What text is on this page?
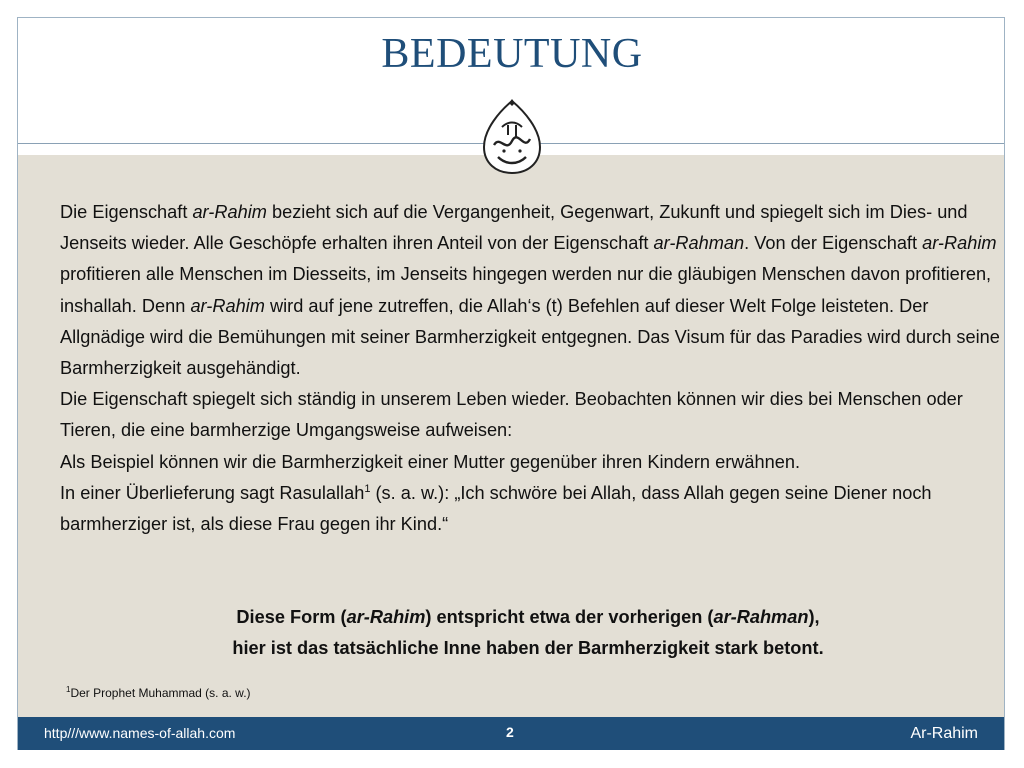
BEDEUTUNG

Die Eigenschaft ar-Rahim bezieht sich auf die Vergangenheit, Gegenwart, Zukunft und spiegelt sich im Dies- und Jenseits wieder. Alle Geschöpfe erhalten ihren Anteil von der Eigenschaft ar-Rahman. Von der Eigenschaft ar-Rahim profitieren alle Menschen im Diesseits, im Jenseits hingegen werden nur die gläubigen Menschen davon profitieren, inshallah. Denn ar-Rahim wird auf jene zutreffen, die Allah‘s (t) Befehlen auf dieser Welt Folge leisteten. Der Allgnädige wird die Bemühungen mit seiner Barmherzigkeit entgegnen. Das Visum für das Paradies wird durch seine Barmherzigkeit ausgehändigt.

Die Eigenschaft spiegelt sich ständig in unserem Leben wieder. Beobachten können wir dies bei Menschen oder Tieren, die eine barmherzige Umgangsweise aufweisen:

Als Beispiel können wir die Barmherzigkeit einer Mutter gegenüber ihren Kindern erwähnen.

In einer Überlieferung sagt Rasulallah$^1$ (s. a. w.): „Ich schwöre bei Allah, dass Allah gegen seine Diener noch barmherziger ist, als diese Frau gegen ihr Kind.“

Diese Form (ar-Rahim) entspricht etwa der vorherigen (ar-Rahman),
hier ist das tatsächliche Inne haben der Barmherzigkeit stark betont.
$^1$Der Prophet Muhammad (s. a. w.)
http///www.names-of-allah.com	2	Ar-Rahim
